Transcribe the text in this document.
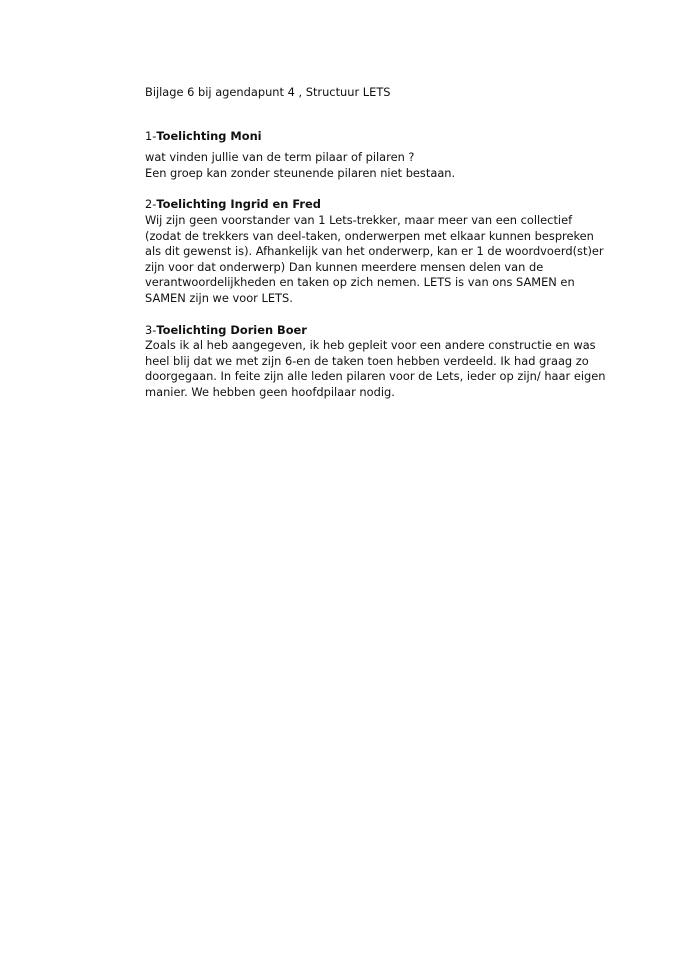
Bijlage 6 bij agendapunt 4 , Structuur LETS

1-Toelichting Moni

wat vinden jullie van de term pilaar of pilaren ?

Een groep kan zonder steunende pilaren niet bestaan.

2-Toelichting Ingrid en Fred

Wij zijn geen voorstander van 1 Lets-trekker, maar meer van een collectief

(zodat de trekkers van deel-taken, onderwerpen met elkaar kunnen bespreken

als dit gewenst is). Afhankelijk van het onderwerp, kan er 1 de woordvoerd(st)er

zijn voor dat onderwerp) Dan kunnen meerdere mensen delen van de

verantwoordelijkheden en taken op zich nemen. LETS is van ons SAMEN en

SAMEN zijn we voor LETS.

3-Toelichting Dorien Boer

Zoals ik al heb aangegeven, ik heb gepleit voor een andere constructie en was

heel blij dat we met zijn 6-en de taken toen hebben verdeeld. Ik had graag zo

doorgegaan. In feite zijn alle leden pilaren voor de Lets, ieder op zijn/ haar eigen

manier. We hebben geen hoofdpilaar nodig.
